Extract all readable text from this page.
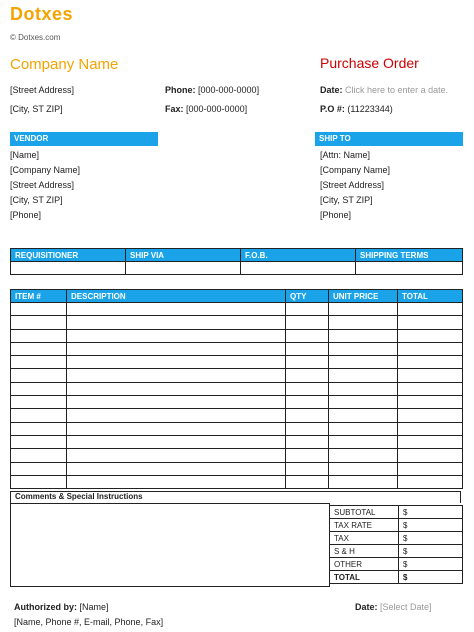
Dotxes
© Dotxes.com
Company Name
[Street Address]
[City, ST ZIP]
Phone: [000-000-0000]
Fax: [000-000-0000]
Purchase Order
Date: Click here to enter a date.
P.O #: (11223344)
VENDOR
[Name]
[Company Name]
[Street Address]
[City, ST ZIP]
[Phone]
SHIP TO
[Attn: Name]
[Company Name]
[Street Address]
[City, ST ZIP]
[Phone]
REQUISITIONER	SHIP VIA	F.O.B.	SHIPPING TERMS

ITEM #	DESCRIPTION	QTY	UNIT PRICE	TOTAL

Comments & Special Instructions
SUBTOTAL	$
TAX RATE	$
TAX	$
S & H	$
OTHER	$
TOTAL	$
Authorized by: [Name]
[Name, Phone #, E-mail, Phone, Fax]
Date: [Select Date]
